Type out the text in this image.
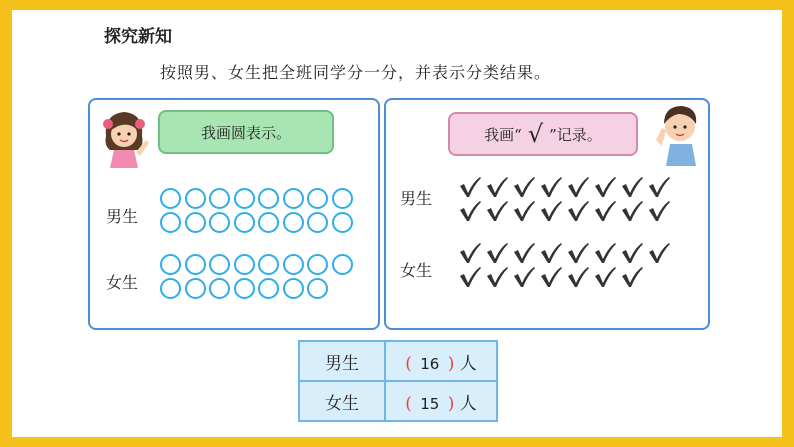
探究新知
按照男、女生把全班同学分一分，并表示分类结果。
我画圆表示。
男生
女生
我画“ √ ”记录。
男生
女生
男生	( 16 ) 人
女生	( 15 ) 人
